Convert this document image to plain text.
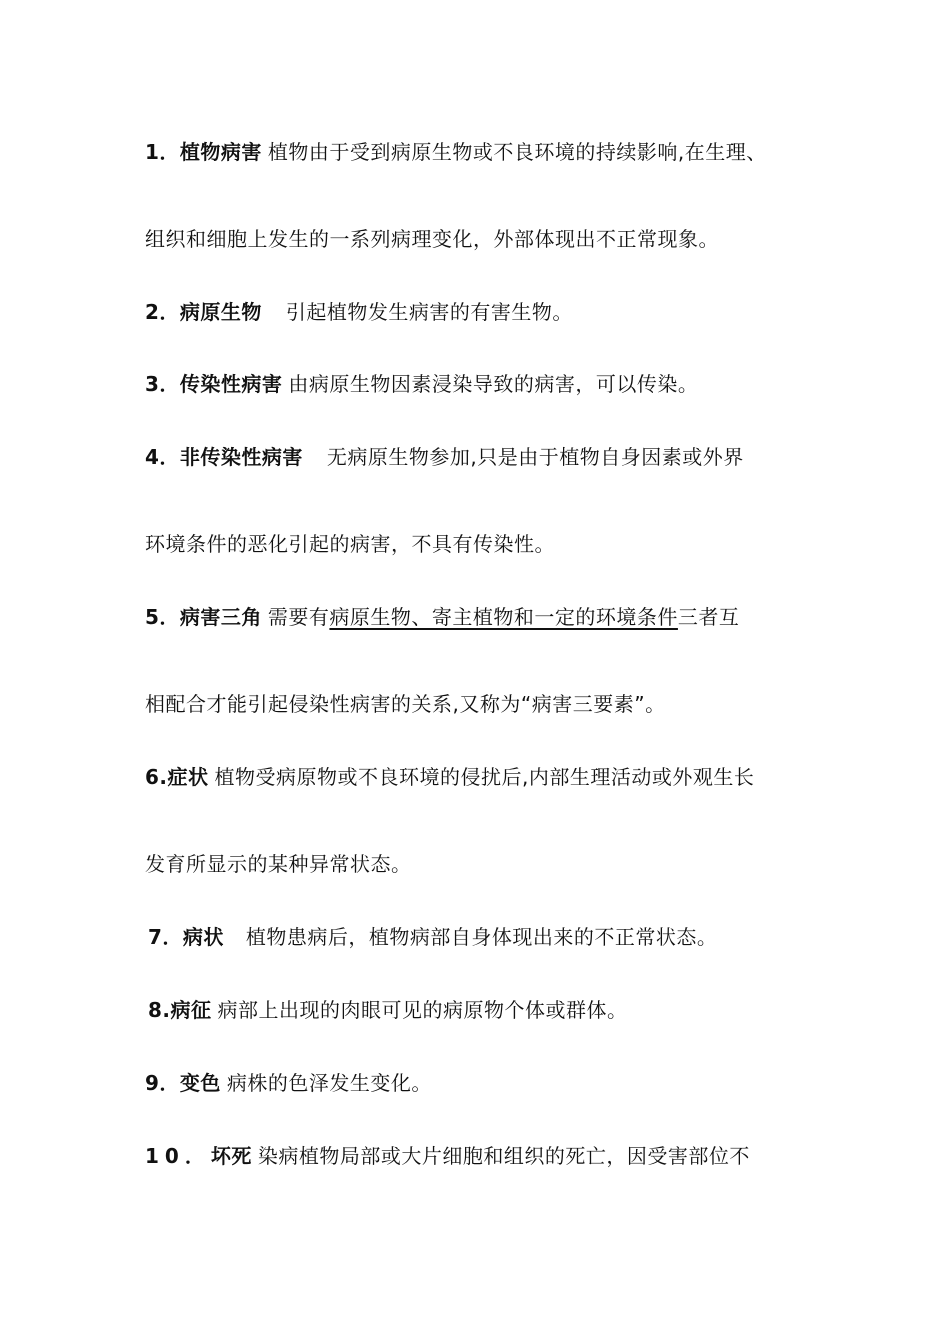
1．植物病害 植物由于受到病原生物或不良环境的持续影响,在生理、
组织和细胞上发生的一系列病理变化，外部体现出不正常现象。
2．病原生物 引起植物发生病害的有害生物。
3．传染性病害 由病原生物因素浸染导致的病害，可以传染。
4．非传染性病害 无病原生物参加,只是由于植物自身因素或外界
环境条件的恶化引起的病害，不具有传染性。
5．病害三角 需要有病原生物、寄主植物和一定的环境条件三者互
相配合才能引起侵染性病害的关系,又称为“病害三要素”。
6.症状 植物受病原物或不良环境的侵扰后,内部生理活动或外观生长
发育所显示的某种异常状态。
7．病状 植物患病后，植物病部自身体现出来的不正常状态。
8.病征 病部上出现的肉眼可见的病原物个体或群体。
9．变色 病株的色泽发生变化。
10．坏死 染病植物局部或大片细胞和组织的死亡，因受害部位不
